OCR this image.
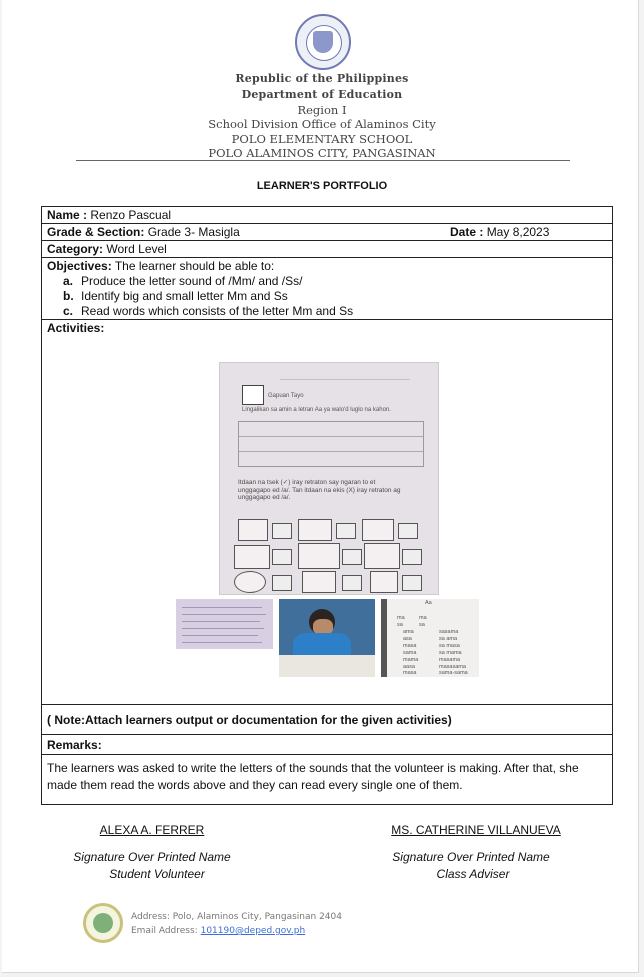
Republic of the Philippines
Department of Education
Region I
School Division Office of Alaminos City
POLO ELEMENTARY SCHOOL
POLO ALAMINOS CITY, PANGASINAN
LEARNER'S PORTFOLIO
Name : Renzo Pascual
Grade & Section: Grade 3- Masigla	Date : May 8,2023
Category: Word Level
Objectives: The learner should be able to:
a. Produce the letter sound of /Mm/ and /Ss/
b. Identify big and small letter Mm and Ss
c. Read words which consists of the letter Mm and Ss
Activities:
( Note:Attach learners output or documentation for the given activities)
Remarks:
The learners was asked to write the letters of the sounds that the volunteer is making. After that, she made them read the words above and they can read every single one of them.
Gapuan Tayo
Lingalikan sa amin a letran Aa ya walo'd luglo na kahon.
Itdaan na tsek (✓) iray retraton say ngaran to et unggagapo ed /a/. Tan itdaan na ekis (X) iray retraton ag unggagapo ed /a/.
Aa
ma	ma
sa	sa
ama	sasama
asa	sa ama
masa	sa masa
sama	sa mama
mama	masama
aasa	masasama
masa	sama-sama
ALEXA A. FERRER
Signature Over Printed Name
Student Volunteer
MS. CATHERINE VILLANUEVA
Signature Over Printed Name
Class Adviser
Address: Polo, Alaminos City, Pangasinan 2404
Email Address: 101190@deped.gov.ph
